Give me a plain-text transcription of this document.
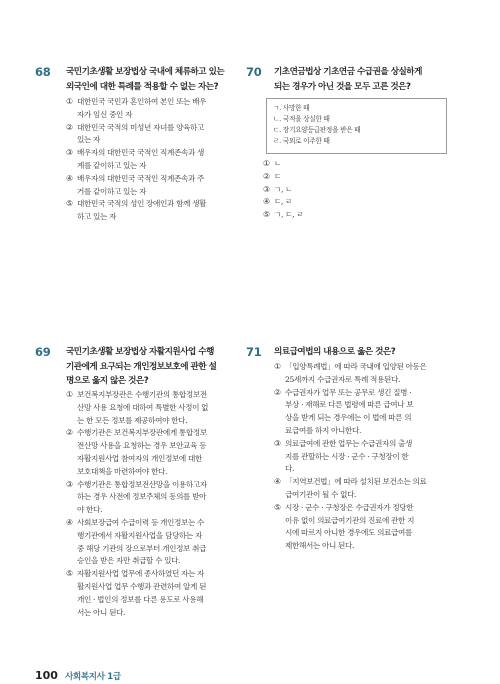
68 국민기초생활 보장법상 국내에 체류하고 있는
외국인에 대한 특례를 적용할 수 없는 자는?
① 대한민국 국민과 혼인하여 본인 또는 배우
자가 임신 중인 자
② 대한민국 국적의 미성년 자녀를 양육하고
있는 자
③ 배우자의 대한민국 국적인 직계존속과 생
계를 같이하고 있는 자
④ 배우자의 대한민국 국적인 직계존속과 주
거를 같이하고 있는 자
⑤ 대한민국 국적의 성인 장애인과 함께 생활
하고 있는 자
70 기초연금법상 기초연금 수급권을 상실하게
되는 경우가 아닌 것을 모두 고른 것은?
ㄱ. 사망한 때
ㄴ. 국적을 상실한 때
ㄷ. 장기요양등급판정을 받은 때
ㄹ. 국외로 이주한 때
① ㄴ
② ㄷ
③ ㄱ, ㄴ
④ ㄷ, ㄹ
⑤ ㄱ, ㄷ, ㄹ
69 국민기초생활 보장법상 자활지원사업 수행
기관에게 요구되는 개인정보보호에 관한 설
명으로 옳지 않은 것은?
① 보건복지부장관은 수행기관의 통합정보전
산망 사용 요청에 대하여 특별한 사정이 없
는 한 모든 정보를 제공하여야 한다.
② 수행기관은 보건복지부장관에게 통합정보
전산망 사용을 요청하는 경우 보안교육 등
자활지원사업 참여자의 개인정보에 대한
보호대책을 마련하여야 한다.
③ 수행기관은 통합정보전산망을 이용하고자
하는 경우 사전에 정보주체의 동의를 받아
야 한다.
④ 사회보장급여 수급이력 등 개인정보는 수
행기관에서 자활지원사업을 담당하는 자
중 해당 기관의 장으로부터 개인정보 취급
승인을 받은 자만 취급할 수 있다.
⑤ 자활지원사업 업무에 종사하였던 자는 자
활지원사업 업무 수행과 관련하여 알게 된
개인 · 법인의 정보를 다른 용도로 사용해
서는 아니 된다.
71 의료급여법의 내용으로 옳은 것은?
① 「입양특례법」에 따라 국내에 입양된 아동은
25세까지 수급권자로 특례 적용된다.
② 수급권자가 업무 또는 공무로 생긴 질병 ·
부상 · 재해로 다른 법령에 따른 급여나 보
상을 받게 되는 경우에는 이 법에 따른 의
료급여를 하지 아니한다.
③ 의료급여에 관한 업무는 수급권자의 출생
지를 관할하는 시장 · 군수 · 구청장이 한
다.
④ 「지역보건법」에 따라 설치된 보건소는 의료
급여기관이 될 수 없다.
⑤ 시장 · 군수 · 구청장은 수급권자가 정당한
이유 없이 의료급여기관의 진료에 관한 지
시에 따르지 아니한 경우에도 의료급여를
제한해서는 아니 된다.
100 사회복지사 1급
